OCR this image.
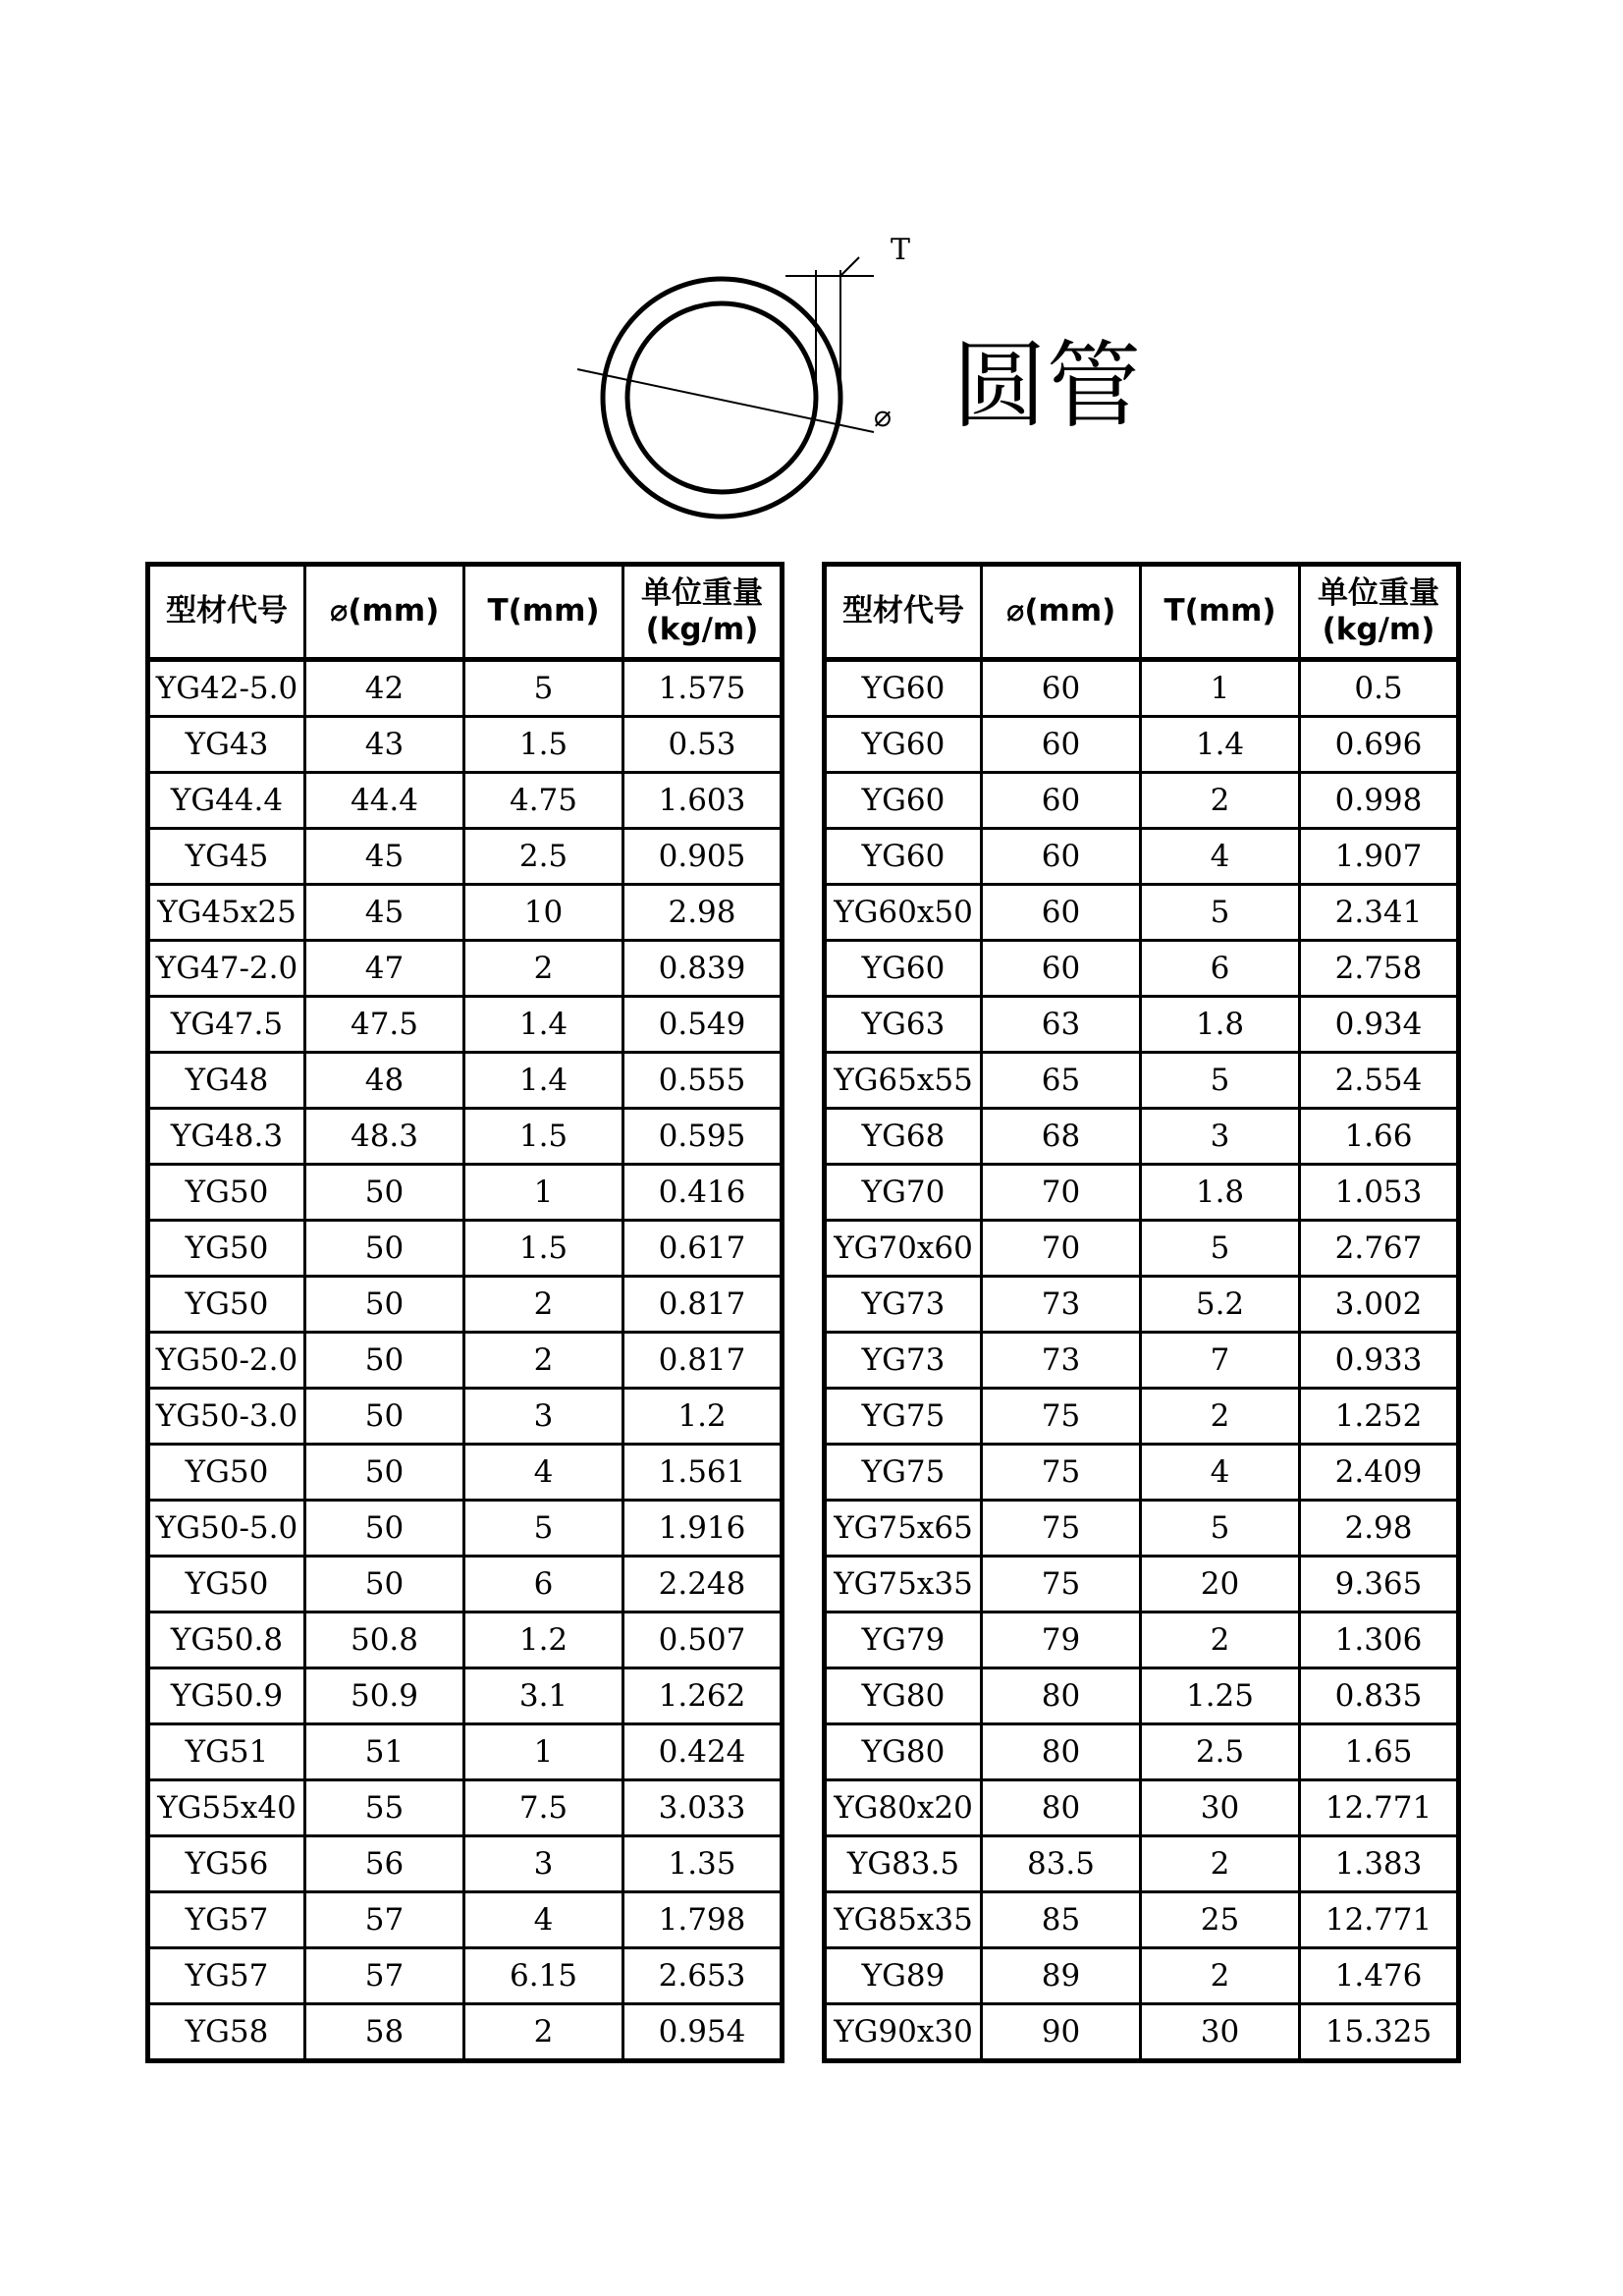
T
⌀ 圆管
型材代号	⌀(mm)	T(mm)	单位重量
(kg/m)
YG42-5.0	42	5	1.575
YG43	43	1.5	0.53
YG44.4	44.4	4.75	1.603
YG45	45	2.5	0.905
YG45x25	45	10	2.98
YG47-2.0	47	2	0.839
YG47.5	47.5	1.4	0.549
YG48	48	1.4	0.555
YG48.3	48.3	1.5	0.595
YG50	50	1	0.416
YG50	50	1.5	0.617
YG50	50	2	0.817
YG50-2.0	50	2	0.817
YG50-3.0	50	3	1.2
YG50	50	4	1.561
YG50-5.0	50	5	1.916
YG50	50	6	2.248
YG50.8	50.8	1.2	0.507
YG50.9	50.9	3.1	1.262
YG51	51	1	0.424
YG55x40	55	7.5	3.033
YG56	56	3	1.35
YG57	57	4	1.798
YG57	57	6.15	2.653
YG58	58	2	0.954
型材代号	⌀(mm)	T(mm)	单位重量
(kg/m)
YG60	60	1	0.5
YG60	60	1.4	0.696
YG60	60	2	0.998
YG60	60	4	1.907
YG60x50	60	5	2.341
YG60	60	6	2.758
YG63	63	1.8	0.934
YG65x55	65	5	2.554
YG68	68	3	1.66
YG70	70	1.8	1.053
YG70x60	70	5	2.767
YG73	73	5.2	3.002
YG73	73	7	0.933
YG75	75	2	1.252
YG75	75	4	2.409
YG75x65	75	5	2.98
YG75x35	75	20	9.365
YG79	79	2	1.306
YG80	80	1.25	0.835
YG80	80	2.5	1.65
YG80x20	80	30	12.771
YG83.5	83.5	2	1.383
YG85x35	85	25	12.771
YG89	89	2	1.476
YG90x30	90	30	15.325
